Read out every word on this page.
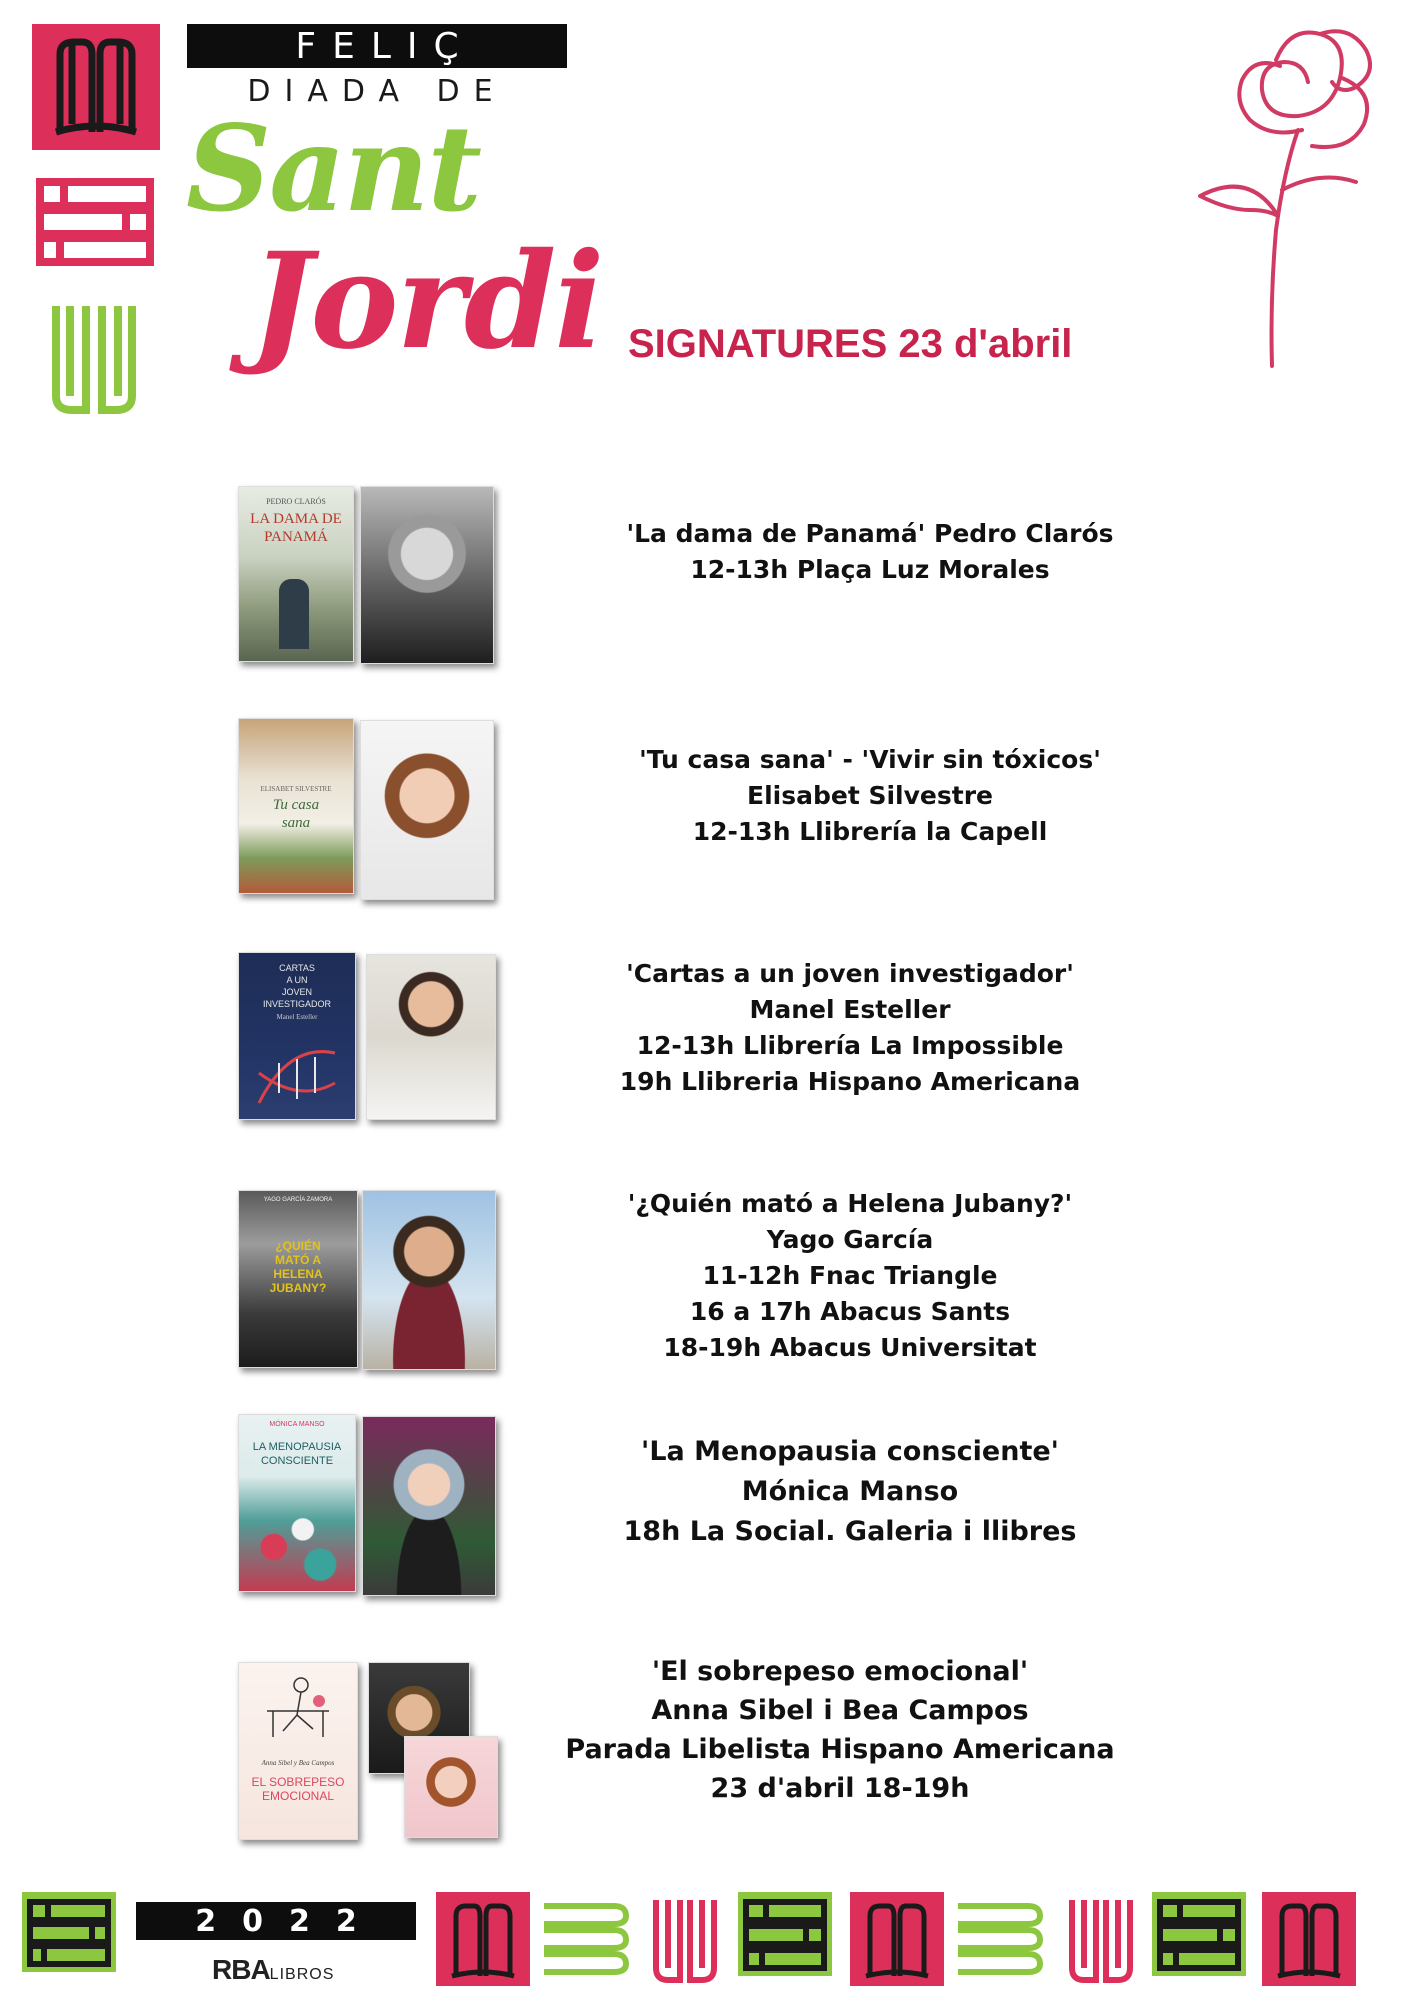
FELIÇ
DIADA DE
Sant
Jordi SIGNATURES 23 d'abril
PEDRO CLARÓS
LA DAMA DE
PANAMÁ	'La dama de Panamá' Pedro Clarós
12-13h Plaça Luz Morales
ELISABET SILVESTRE
Tu casa
sana
'Tu casa sana' - 'Vivir sin tóxicos'
Elisabet Silvestre
12-13h Llibrería la Capell
CARTAS
A UN
JOVEN
INVESTIGADOR
Manel Esteller
'Cartas a un joven investigador'
Manel Esteller
12-13h Llibrería La Impossible
19h Llibreria Hispano Americana
YAGO GARCÍA ZAMORA
¿QUIÉN
MATÓ A
HELENA
JUBANY?
'¿Quién mató a Helena Jubany?'
Yago García
11-12h Fnac Triangle
16 a 17h Abacus Sants
18-19h Abacus Universitat
MÓNICA MANSO
LA MENOPAUSIA
CONSCIENTE	'La Menopausia consciente'
Mónica Manso
18h La Social. Galeria i llibres
Anna Sibel y Bea Campos
EL SOBREPESO
EMOCIONAL
'El sobrepeso emocional'
Anna Sibel i Bea Campos
Parada Libelista Hispano Americana
23 d'abril 18-19h
2022
RBALIBROS
